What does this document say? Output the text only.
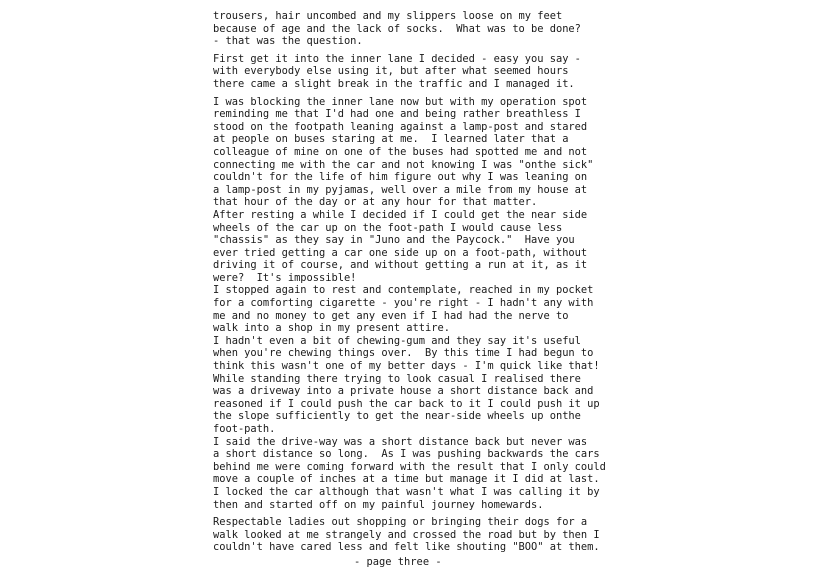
trousers, hair uncombed and my slippers loose on my feet
because of age and the lack of socks.  What was to be done?
- that was the question.
First get it into the inner lane I decided - easy you say -
with everybody else using it, but after what seemed hours
there came a slight break in the traffic and I managed it.
I was blocking the inner lane now but with my operation spot
reminding me that I'd had one and being rather breathless I
stood on the footpath leaning against a lamp-post and stared
at people on buses staring at me.  I learned later that a
colleague of mine on one of the buses had spotted me and not
connecting me with the car and not knowing I was "onthe sick"
couldn't for the life of him figure out why I was leaning on
a lamp-post in my pyjamas, well over a mile from my house at
that hour of the day or at any hour for that matter.
After resting a while I decided if I could get the near side
wheels of the car up on the foot-path I would cause less
"chassis" as they say in "Juno and the Paycock."  Have you
ever tried getting a car one side up on a foot-path, without
driving it of course, and without getting a run at it, as it
were?  It's impossible!
I stopped again to rest and contemplate, reached in my pocket
for a comforting cigarette - you're right - I hadn't any with
me and no money to get any even if I had had the nerve to
walk into a shop in my present attire.
I hadn't even a bit of chewing-gum and they say it's useful
when you're chewing things over.  By this time I had begun to
think this wasn't one of my better days - I'm quick like that!
While standing there trying to look casual I realised there
was a driveway into a private house a short distance back and
reasoned if I could push the car back to it I could push it up
the slope sufficiently to get the near-side wheels up onthe
foot-path.
I said the drive-way was a short distance back but never was
a short distance so long.  As I was pushing backwards the cars
behind me were coming forward with the result that I only could
move a couple of inches at a time but manage it I did at last.
I locked the car although that wasn't what I was calling it by
then and started off on my painful journey homewards.
Respectable ladies out shopping or bringing their dogs for a
walk looked at me strangely and crossed the road but by then I
couldn't have cared less and felt like shouting "BOO" at them.
- page three -
